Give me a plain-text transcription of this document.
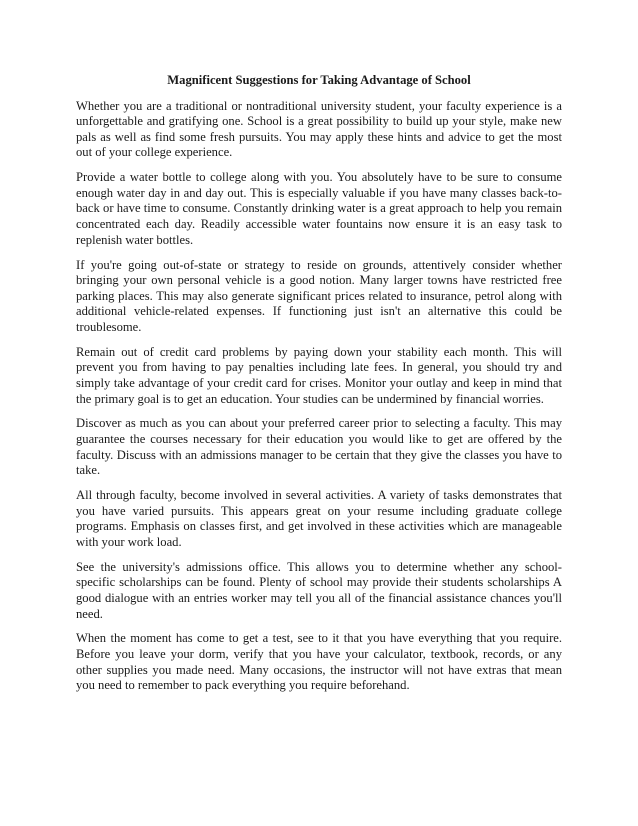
Magnificent Suggestions for Taking Advantage of School

Whether you are a traditional or nontraditional university student, your faculty experience is a unforgettable and gratifying one. School is a great possibility to build up your style, make new pals as well as find some fresh pursuits. You may apply these hints and advice to get the most out of your college experience.

Provide a water bottle to college along with you. You absolutely have to be sure to consume enough water day in and day out. This is especially valuable if you have many classes back-to-back or have time to consume. Constantly drinking water is a great approach to help you remain concentrated each day. Readily accessible water fountains now ensure it is an easy task to replenish water bottles.

If you're going out-of-state or strategy to reside on grounds, attentively consider whether bringing your own personal vehicle is a good notion. Many larger towns have restricted free parking places. This may also generate significant prices related to insurance, petrol along with additional vehicle-related expenses. If functioning just isn't an alternative this could be troublesome.

Remain out of credit card problems by paying down your stability each month. This will prevent you from having to pay penalties including late fees. In general, you should try and simply take advantage of your credit card for crises. Monitor your outlay and keep in mind that the primary goal is to get an education. Your studies can be undermined by financial worries.

Discover as much as you can about your preferred career prior to selecting a faculty. This may guarantee the courses necessary for their education you would like to get are offered by the faculty. Discuss with an admissions manager to be certain that they give the classes you have to take.

All through faculty, become involved in several activities. A variety of tasks demonstrates that you have varied pursuits. This appears great on your resume including graduate college programs. Emphasis on classes first, and get involved in these activities which are manageable with your work load.

See the university's admissions office. This allows you to determine whether any school-specific scholarships can be found. Plenty of school may provide their students scholarships A good dialogue with an entries worker may tell you all of the financial assistance chances you'll need.

When the moment has come to get a test, see to it that you have everything that you require. Before you leave your dorm, verify that you have your calculator, textbook, records, or any other supplies you made need. Many occasions, the instructor will not have extras that mean you need to remember to pack everything you require beforehand.
